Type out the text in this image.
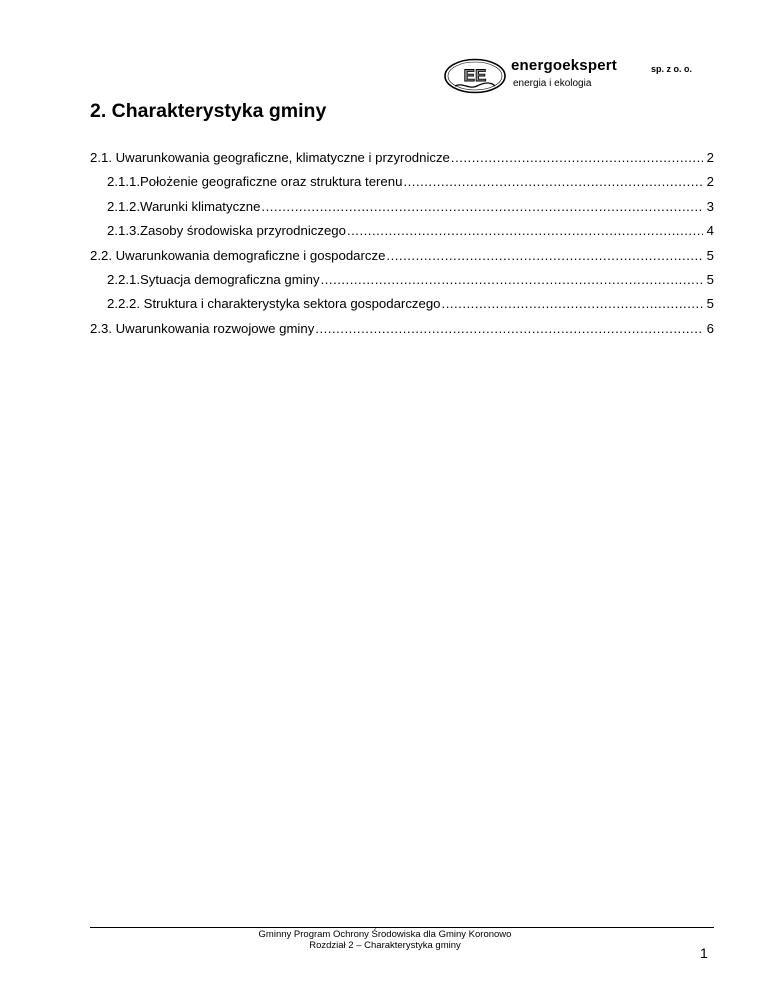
EE
energoekspert
energia i ekologia
sp. z o. o.
2. Charakterystyka gminy
2.1. Uwarunkowania geograficzne, klimatyczne i przyrodnicze .....	2
2.1.1.Położenie geograficzne oraz struktura terenu .....	2
2.1.2.Warunki klimatyczne .....	3
2.1.3.Zasoby środowiska przyrodniczego .....	4
2.2. Uwarunkowania demograficzne i gospodarcze .....	5
2.2.1.Sytuacja demograficzna gminy .....	5
2.2.2. Struktura i charakterystyka sektora gospodarczego .....	5
2.3. Uwarunkowania rozwojowe gminy .....	6
Gminny Program Ochrony Środowiska dla Gminy Koronowo
Rozdział 2 – Charakterystyka gminy	1
